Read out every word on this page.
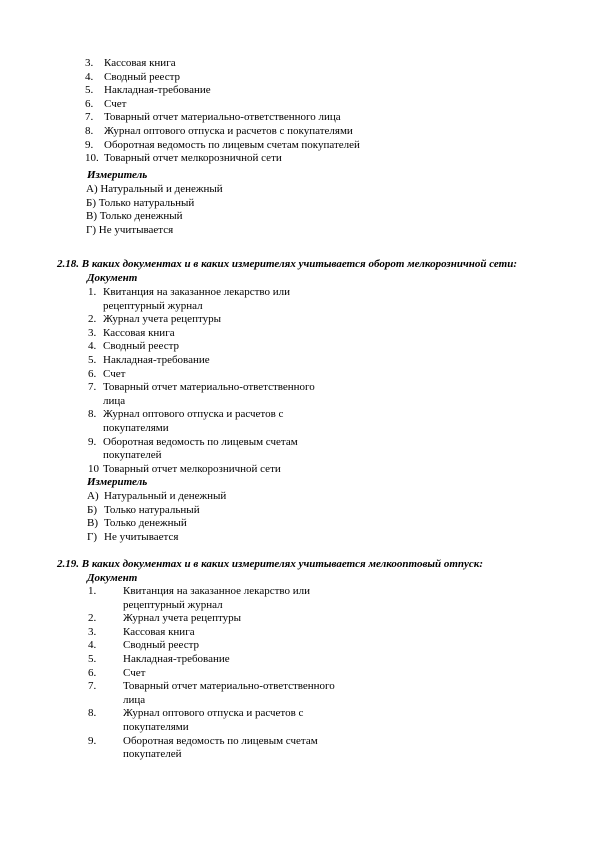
3. Кассовая книга
4. Сводный реестр
5. Накладная-требование
6. Счет
7. Товарный отчет материально-ответственного лица
8. Журнал оптового отпуска и расчетов с покупателями
9. Оборотная ведомость по лицевым счетам покупателей
10. Товарный отчет мелкорозничной сети
Измеритель
А) Натуральный и денежный
Б) Только натуральный
В) Только денежный
Г) Не учитывается
2.18. В каких документах и в каких измерителях учитывается оборот мелкорозничной сети:
Документ
1. Квитанция на заказанное лекарство или
рецептурный журнал
2. Журнал учета рецептуры
3. Кассовая книга
4. Сводный реестр
5. Накладная-требование
6. Счет
7. Товарный отчет материально-ответственного
лица
8. Журнал оптового отпуска и расчетов с
покупателями
9. Оборотная ведомость по лицевым счетам
покупателей
10 Товарный отчет мелкорозничной сети
Измеритель
А) Натуральный и денежный
Б) Только натуральный
В) Только денежный
Г) Не учитывается
2.19. В каких документах и в каких измерителях учитывается мелкооптовый отпуск:
Документ
1. Квитанция на заказанное лекарство или
рецептурный журнал
2. Журнал учета рецептуры
3. Кассовая книга
4. Сводный реестр
5. Накладная-требование
6. Счет
7. Товарный отчет материально-ответственного
лица
8. Журнал оптового отпуска и расчетов с
покупателями
9. Оборотная ведомость по лицевым счетам
покупателей
